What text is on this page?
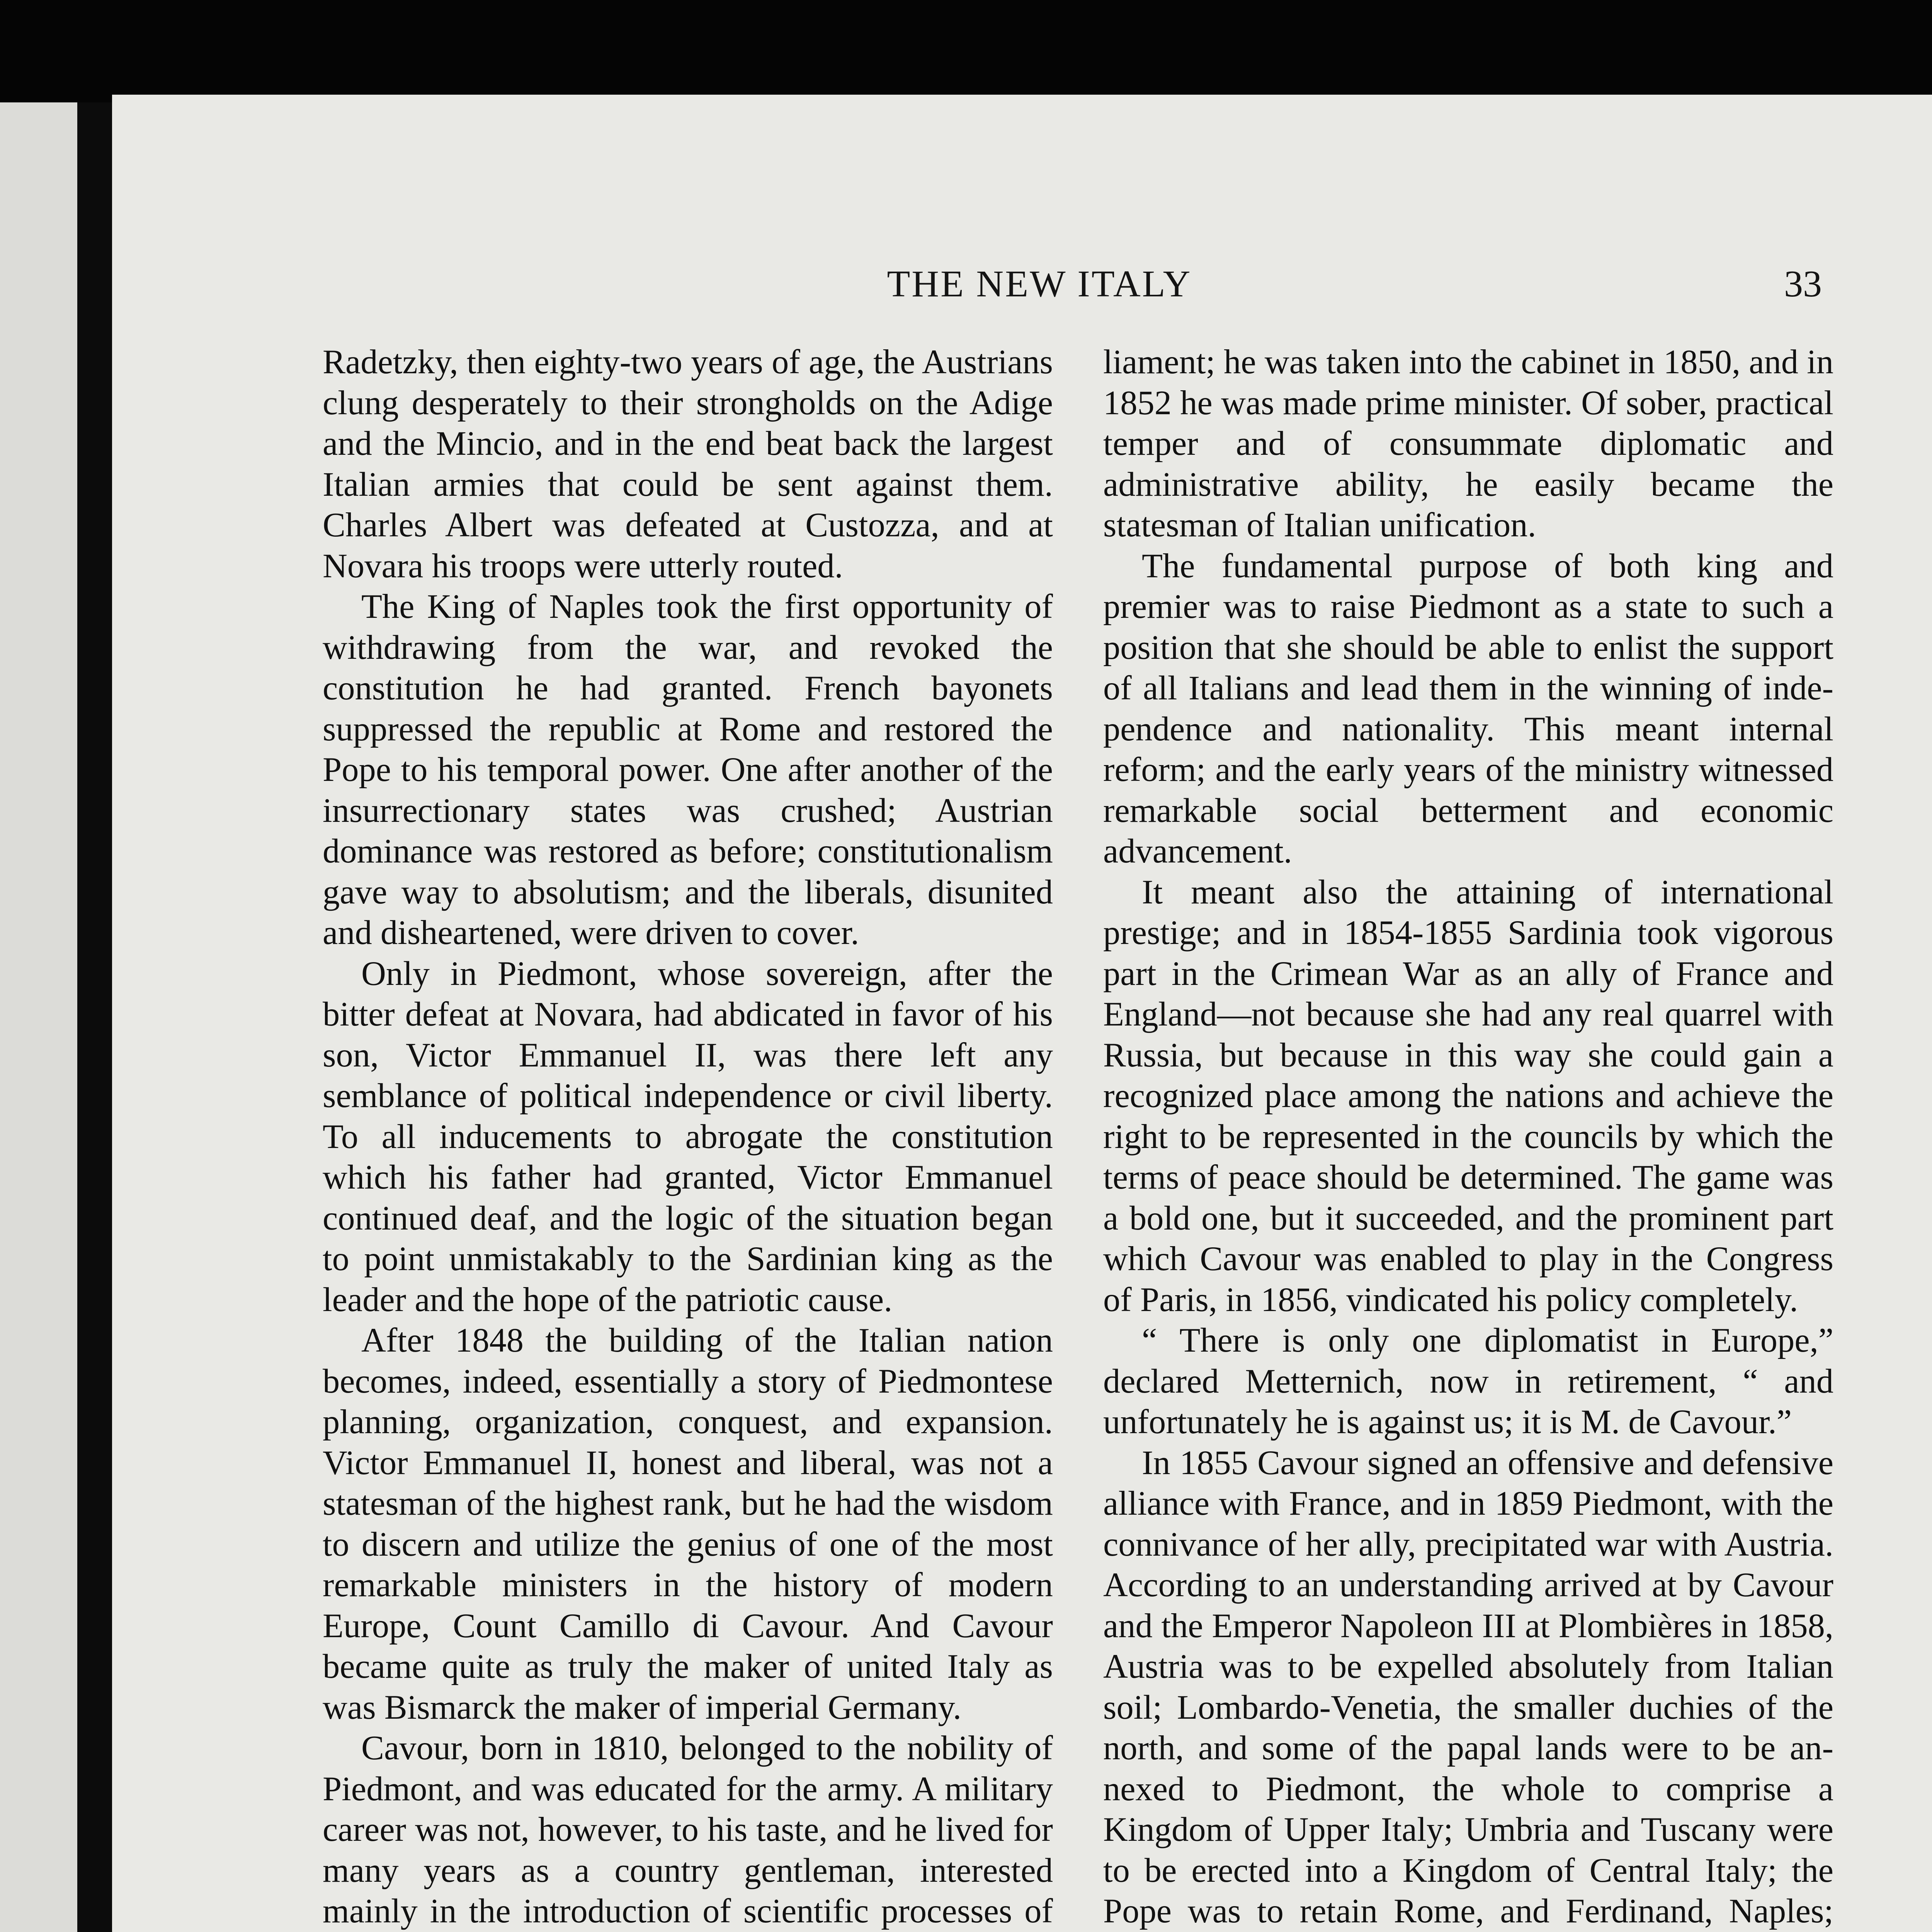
THE NEW ITALY	33

Radetzky, then eighty-two years of age, the Austrians clung desperately to their strongholds on the Adige and the Mincio, and in the end beat back the largest Italian armies that could be sent against them. Charles Albert was defeated at Custozza, and at Novara his troops were utterly routed.

The King of Naples took the first opportunity of withdrawing from the war, and revoked the constitution he had granted. French bayonets suppressed the republic at Rome and restored the Pope to his temporal power. One after another of the insurrectionary states was crushed; Austrian dominance was restored as before; constitutionalism gave way to absolutism; and the liberals, disunited and disheartened, were driven to cover.

Only in Piedmont, whose sovereign, after the bitter defeat at Novara, had abdicated in favor of his son, Victor Emmanuel II, was there left any semblance of political independence or civil liberty. To all inducements to abrogate the constitution which his father had granted, Victor Emmanuel continued deaf, and the logic of the situation began to point unmistakably to the Sardinian king as the leader and the hope of the patriotic cause.

After 1848 the building of the Italian nation becomes, indeed, essentially a story of Piedmontese planning, organization, conquest, and expansion. Victor Emmanuel II, honest and liberal, was not a statesman of the highest rank, but he had the wisdom to discern and utilize the genius of one of the most remarkable ministers in the history of modern Europe, Count Camillo di Cavour. And Cavour became quite as truly the maker of united Italy as was Bismarck the maker of imperial Germany.

Cavour, born in 1810, belonged to the nobility of Piedmont, and was educated for the army. A military career was not, however, to his taste, and he lived for many years as a country gentleman, interested mainly in the introduction of scientific processes of

liament; he was taken into the cabinet in 1850, and in 1852 he was made prime minister. Of sober, practical temper and of consummate diplomatic and administrative ability, he easily became the statesman of Italian unification.

The fundamental purpose of both king and premier was to raise Piedmont as a state to such a position that she should be able to enlist the support of all Italians and lead them in the winning of independence and nationality. This meant internal reform; and the early years of the ministry witnessed remarkable social betterment and economic advancement.

It meant also the attaining of international prestige; and in 1854-1855 Sardinia took vigorous part in the Crimean War as an ally of France and England—not because she had any real quarrel with Russia, but because in this way she could gain a recognized place among the nations and achieve the right to be represented in the councils by which the terms of peace should be determined. The game was a bold one, but it succeeded, and the prominent part which Cavour was enabled to play in the Congress of Paris, in 1856, vindicated his policy completely.

“ There is only one diplomatist in Europe,” declared Metternich, now in retirement, “ and unfortunately he is against us; it is M. de Cavour.”

In 1855 Cavour signed an offensive and defensive alliance with France, and in 1859 Piedmont, with the connivance of her ally, precipitated war with Austria. According to an understanding arrived at by Cavour and the Emperor Napoleon III at Plombières in 1858, Austria was to be expelled absolutely from Italian soil; Lombardo-Venetia, the smaller duchies of the north, and some of the papal lands were to be annexed to Piedmont, the whole to comprise a Kingdom of Upper Italy; Umbria and Tuscany were to be erected into a Kingdom of Central Italy; the Pope was to retain Rome, and Ferdinand, Naples;
